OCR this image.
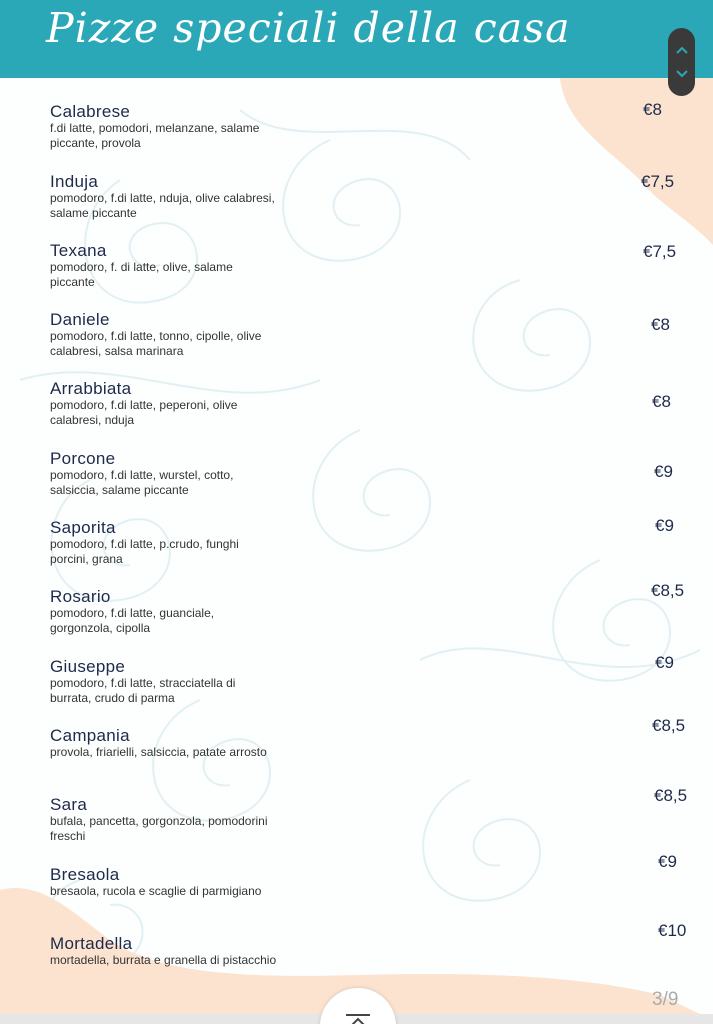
Pizze speciali della casa
Calabrese
f.di latte, pomodori, melanzane, salame piccante, provola
€8
Induja
pomodoro, f.di latte, nduja, olive calabresi, salame piccante
€7,5
Texana
pomodoro, f. di latte, olive, salame piccante
€7,5
Daniele
pomodoro, f.di latte, tonno, cipolle, olive calabresi, salsa marinara
€8
Arrabbiata
pomodoro, f.di latte, peperoni, olive calabresi, nduja
€8
Porcone
pomodoro, f.di latte, wurstel, cotto, salsiccia, salame piccante
€9
Saporita
pomodoro, f.di latte, p.crudo, funghi porcini, grana
€9
Rosario
pomodoro, f.di latte, guanciale, gorgonzola, cipolla
€8,5
Giuseppe
pomodoro, f.di latte, stracciatella di burrata, crudo di parma
€9
Campania
provola, friarielli, salsiccia, patate arrosto
€8,5
Sara
bufala, pancetta, gorgonzola, pomodorini freschi
€8,5
Bresaola
bresaola, rucola e scaglie di parmigiano
€9
Mortadella
mortadella, burrata e granella di pistacchio
€10
3/9
